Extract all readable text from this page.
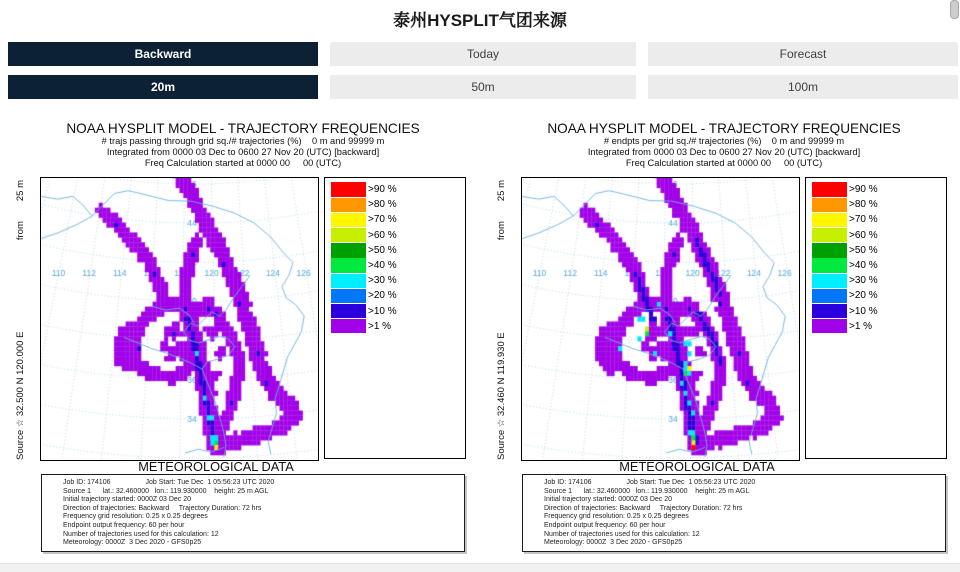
泰州HYSPLIT气团来源
Backward	Today	Forecast
20m	50m	100m
NOAA HYSPLIT MODEL - TRAJECTORY FREQUENCIES
# trajs passing through grid sq./# trajectories (%)    0 m and 99999 m
Integrated from 0000 03 Dec to 0600 27 Nov 20 (UTC) [backward]
Freq Calculation started at 0000 00     00 (UTC)
Source ☆ 32.500 N 120.000 E
from
25 m	>90 %
>80 %
>70 %
>60 %
>50 %
>40 %
>30 %
>20 %
>10 %
>1 %
METEOROLOGICAL DATA
Job ID: 174106                  Job Start: Tue Dec  1 05:56:23 UTC 2020
Source 1      lat.: 32.460000   lon.: 119.930000    height: 25 m AGL
Initial trajectory started: 0000Z 03 Dec 20
Direction of trajectories: Backward     Trajectory Duration: 72 hrs
Frequency grid resolution: 0.25 x 0.25 degrees
Endpoint output frequency: 60 per hour
Number of trajectories used for this calculation: 12
Meteorology: 0000Z  3 Dec 2020 - GFS0p25
NOAA HYSPLIT MODEL - TRAJECTORY FREQUENCIES
# endpts per grid sq./# trajectories (%)    0 m and 99999 m
Integrated from 0000 03 Dec to 0600 27 Nov 20 (UTC) [backward]
Freq Calculation started at 0000 00     00 (UTC)
Source ☆ 32.460 N 119.930 E
from
25 m	>90 %
>80 %
>70 %
>60 %
>50 %
>40 %
>30 %
>20 %
>10 %
>1 %
METEOROLOGICAL DATA
Job ID: 174106                  Job Start: Tue Dec  1 05:56:23 UTC 2020
Source 1      lat.: 32.460000   lon.: 119.930000    height: 25 m AGL
Initial trajectory started: 0000Z 03 Dec 20
Direction of trajectories: Backward     Trajectory Duration: 72 hrs
Frequency grid resolution: 0.25 x 0.25 degrees
Endpoint output frequency: 60 per hour
Number of trajectories used for this calculation: 12
Meteorology: 0000Z  3 Dec 2020 - GFS0p25
